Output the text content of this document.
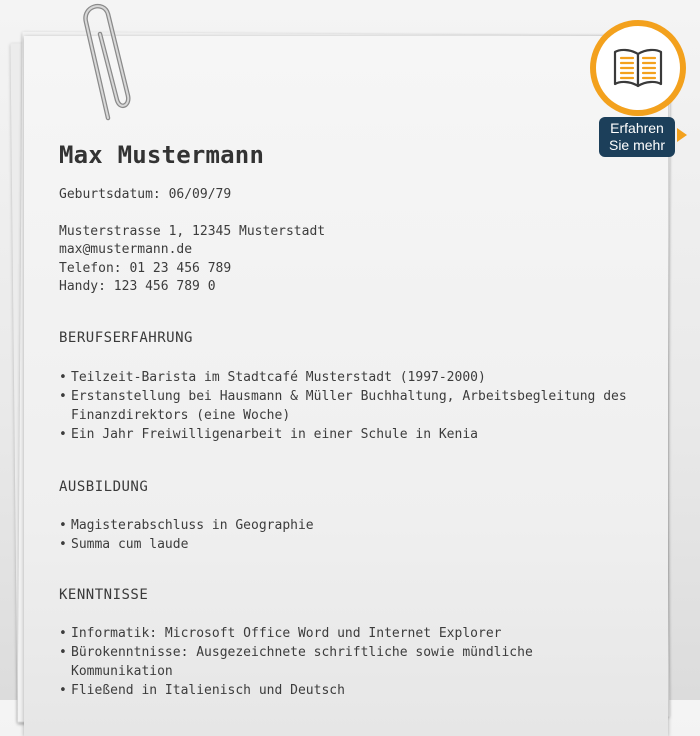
Max Mustermann
Geburtsdatum: 06/09/79
Musterstrasse 1, 12345 Musterstadt
max@mustermann.de
Telefon: 01 23 456 789
Handy: 123 456 789 0
BERUFSERFAHRUNG
• Teilzeit-Barista im Stadtcafé Musterstadt (1997-2000)
• Erstanstellung bei Hausmann & Müller Buchhaltung, Arbeitsbegleitung des Finanzdirektors (eine Woche)
• Ein Jahr Freiwilligenarbeit in einer Schule in Kenia
AUSBILDUNG
• Magisterabschluss in Geographie
• Summa cum laude
KENNTNISSE
• Informatik: Microsoft Office Word und Internet Explorer
• Bürokenntnisse: Ausgezeichnete schriftliche sowie mündliche Kommunikation
• Fließend in Italienisch und Deutsch
Erfahren
Sie mehr
